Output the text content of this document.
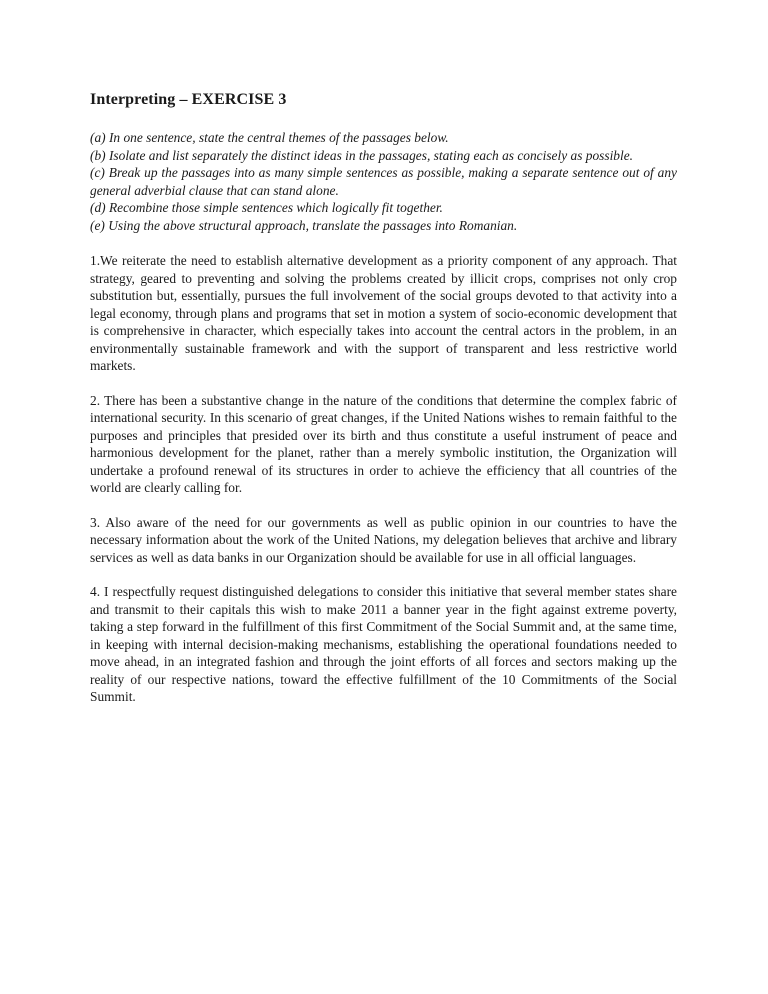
Interpreting – EXERCISE 3

(a) In one sentence, state the central themes of the passages below.

(b) Isolate and list separately the distinct ideas in the passages, stating each as concisely as possible.

(c) Break up the passages into as many simple sentences as possible, making a separate sentence out of any general adverbial clause that can stand alone.

(d) Recombine those simple sentences which logically fit together.

(e) Using the above structural approach, translate the passages into Romanian.

1.We reiterate the need to establish alternative development as a priority component of any approach. That strategy, geared to preventing and solving the problems created by illicit crops, comprises not only crop substitution but, essentially, pursues the full involvement of the social groups devoted to that activity into a legal economy, through plans and programs that set in motion a system of socio-economic development that is comprehensive in character, which especially takes into account the central actors in the problem, in an environmentally sustainable framework and with the support of transparent and less restrictive world markets.

2. There has been a substantive change in the nature of the conditions that determine the complex fabric of international security. In this scenario of great changes, if the United Nations wishes to remain faithful to the purposes and principles that presided over its birth and thus constitute a useful instrument of peace and harmonious development for the planet, rather than a merely symbolic institution, the Organization will undertake a profound renewal of its structures in order to achieve the efficiency that all countries of the world are clearly calling for.

3. Also aware of the need for our governments as well as public opinion in our countries to have the necessary information about the work of the United Nations, my delegation believes that archive and library services as well as data banks in our Organization should be available for use in all official languages.

4. I respectfully request distinguished delegations to consider this initiative that several member states share and transmit to their capitals this wish to make 2011 a banner year in the fight against extreme poverty, taking a step forward in the fulfillment of this first Commitment of the Social Summit and, at the same time, in keeping with internal decision-making mechanisms, establishing the operational foundations needed to move ahead, in an integrated fashion and through the joint efforts of all forces and sectors making up the reality of our respective nations, toward the effective fulfillment of the 10 Commitments of the Social Summit.
